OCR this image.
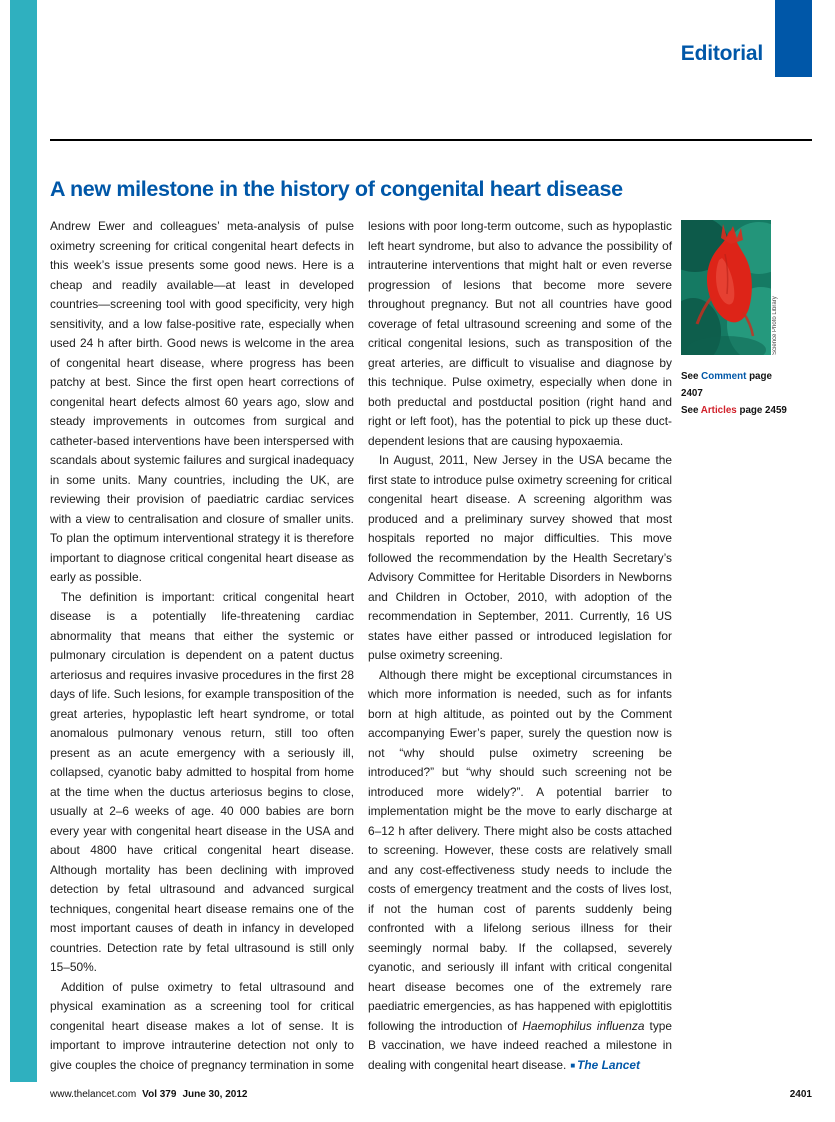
Editorial
A new milestone in the history of congenital heart disease

Andrew Ewer and colleagues’ meta-analysis of pulse oximetry screening for critical congenital heart defects in this week’s issue presents some good news. Here is a cheap and readily available—at least in developed countries—screening tool with good specificity, very high sensitivity, and a low false-positive rate, especially when used 24 h after birth. Good news is welcome in the area of congenital heart disease, where progress has been patchy at best. Since the first open heart corrections of congenital heart defects almost 60 years ago, slow and steady improvements in outcomes from surgical and catheter-based interventions have been interspersed with scandals about systemic failures and surgical inadequacy in some units. Many countries, including the UK, are reviewing their provision of paediatric cardiac services with a view to centralisation and closure of smaller units. To plan the optimum interventional strategy it is therefore important to diagnose critical congenital heart disease as early as possible.

The definition is important: critical congenital heart disease is a potentially life-threatening cardiac abnormality that means that either the systemic or pulmonary circulation is dependent on a patent ductus arteriosus and requires invasive procedures in the first 28 days of life. Such lesions, for example transposition of the great arteries, hypoplastic left heart syndrome, or total anomalous pulmonary venous return, still too often present as an acute emergency with a seriously ill, collapsed, cyanotic baby admitted to hospital from home at the time when the ductus arteriosus begins to close, usually at 2–6 weeks of age. 40 000 babies are born every year with congenital heart disease in the USA and about 4800 have critical congenital heart disease. Although mortality has been declining with improved detection by fetal ultrasound and advanced surgical techniques, congenital heart disease remains one of the most important causes of death in infancy in developed countries. Detection rate by fetal ultrasound is still only 15–50%.

Addition of pulse oximetry to fetal ultrasound and physical examination as a screening tool for critical congenital heart disease makes a lot of sense. It is important to improve intrauterine detection not only to give couples the choice of pregnancy termination in some lesions with poor long-term outcome, such as hypoplastic left heart syndrome, but also to advance the possibility of intrauterine interventions that might halt or even reverse progression of lesions that become more severe throughout pregnancy. But not all countries have good coverage of fetal ultrasound screening and some of the critical congenital lesions, such as transposition of the great arteries, are difficult to visualise and diagnose by this technique. Pulse oximetry, especially when done in both preductal and postductal position (right hand and right or left foot), has the potential to pick up these duct-dependent lesions that are causing hypoxaemia.

In August, 2011, New Jersey in the USA became the first state to introduce pulse oximetry screening for critical congenital heart disease. A screening algorithm was produced and a preliminary survey showed that most hospitals reported no major difficulties. This move followed the recommendation by the Health Secretary’s Advisory Committee for Heritable Disorders in Newborns and Children in October, 2010, with adoption of the recommendation in September, 2011. Currently, 16 US states have either passed or introduced legislation for pulse oximetry screening.

Although there might be exceptional circumstances in which more information is needed, such as for infants born at high altitude, as pointed out by the Comment accompanying Ewer’s paper, surely the question now is not “why should pulse oximetry screening be introduced?” but “why should such screening not be introduced more widely?”. A potential barrier to implementation might be the move to early discharge at 6–12 h after delivery. There might also be costs attached to screening. However, these costs are relatively small and any cost-effectiveness study needs to include the costs of emergency treatment and the costs of lives lost, if not the human cost of parents suddenly being confronted with a lifelong serious illness for their seemingly normal baby. If the collapsed, severely cyanotic, and seriously ill infant with critical congenital heart disease becomes one of the extremely rare paediatric emergencies, as has happened with epiglottitis following the introduction of Haemophilus influenza type B vaccination, we have indeed reached a milestone in dealing with congenital heart disease. ■ The Lancet

Science Photo Library
See Comment page 2407
See Articles page 2459
www.thelancet.com Vol 379 June 30, 2012	2401
